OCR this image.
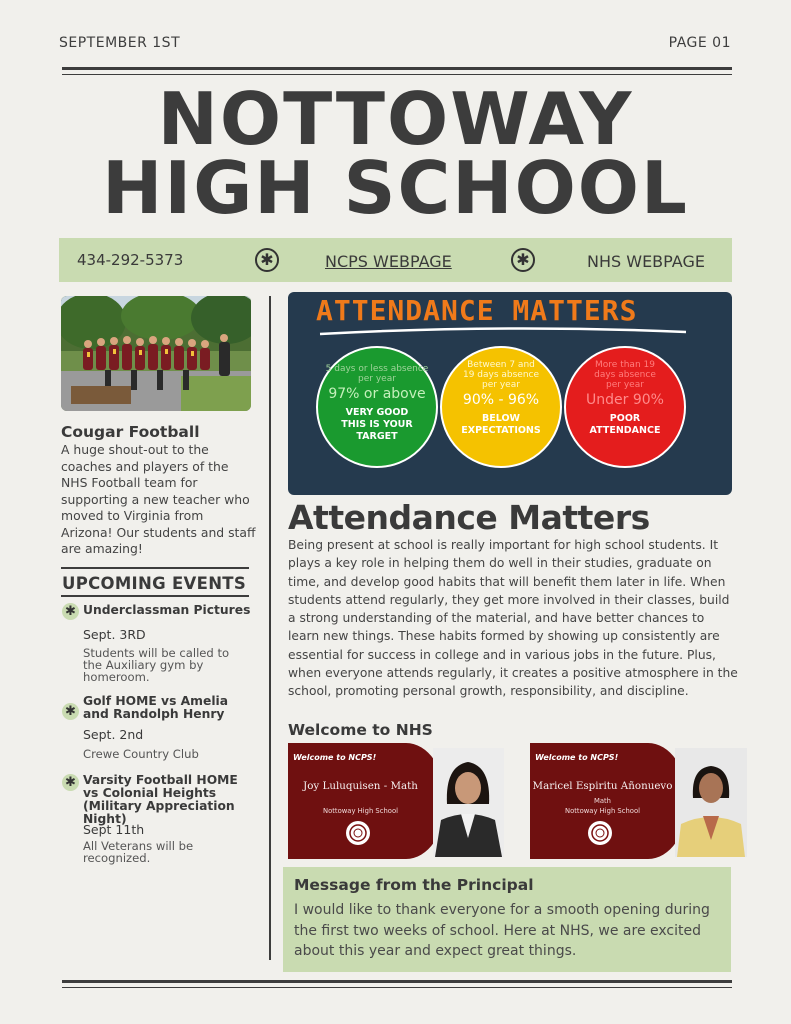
SEPTEMBER 1ST	PAGE 01
NOTTOWAY
HIGH SCHOOL
434-292-5373	✱	NCPS WEBPAGE	✱	NHS WEBPAGE
Cougar Football
A huge shout-out to the coaches and players of the NHS Football team for supporting a new teacher who moved to Virginia from Arizona! Our students and staff are amazing!
UPCOMING EVENTS
✱ Underclassman Pictures
Sept. 3RD
Students will be called to the Auxiliary gym by homeroom.
✱
Golf HOME vs Amelia and Randolph Henry
Sept. 2nd
Crewe Country Club
✱ Varsity Football HOME vs Colonial Heights (Military Appreciation Night)
Sept 11th
All Veterans will be recognized.
ATTENDANCE MATTERS
5 days or less absence per year
97% or above
VERY GOOD THIS IS YOUR TARGET
Between 7 and 19 days absence per year
90% - 96%
BELOW EXPECTATIONS
More than 19 days absence per year
Under 90%
POOR ATTENDANCE
Attendance Matters
Being present at school is really important for high school students. It plays a key role in helping them do well in their studies, graduate on time, and develop good habits that will benefit them later in life. When students attend regularly, they get more involved in their classes, build a strong understanding of the material, and have better chances to learn new things. These habits formed by showing up consistently are essential for success in college and in various jobs in the future. Plus, when everyone attends regularly, it creates a positive atmosphere in the school, promoting personal growth, responsibility, and discipline.
Welcome to NHS
Welcome to NCPS!
Joy Luluquisen - Math
Nottoway High School
Welcome to NCPS!
Maricel Espiritu Añonuevo
Math
Nottoway High School
Message from the Principal
I would like to thank everyone for a smooth opening during the first two weeks of school. Here at NHS, we are excited about this year and expect great things.
